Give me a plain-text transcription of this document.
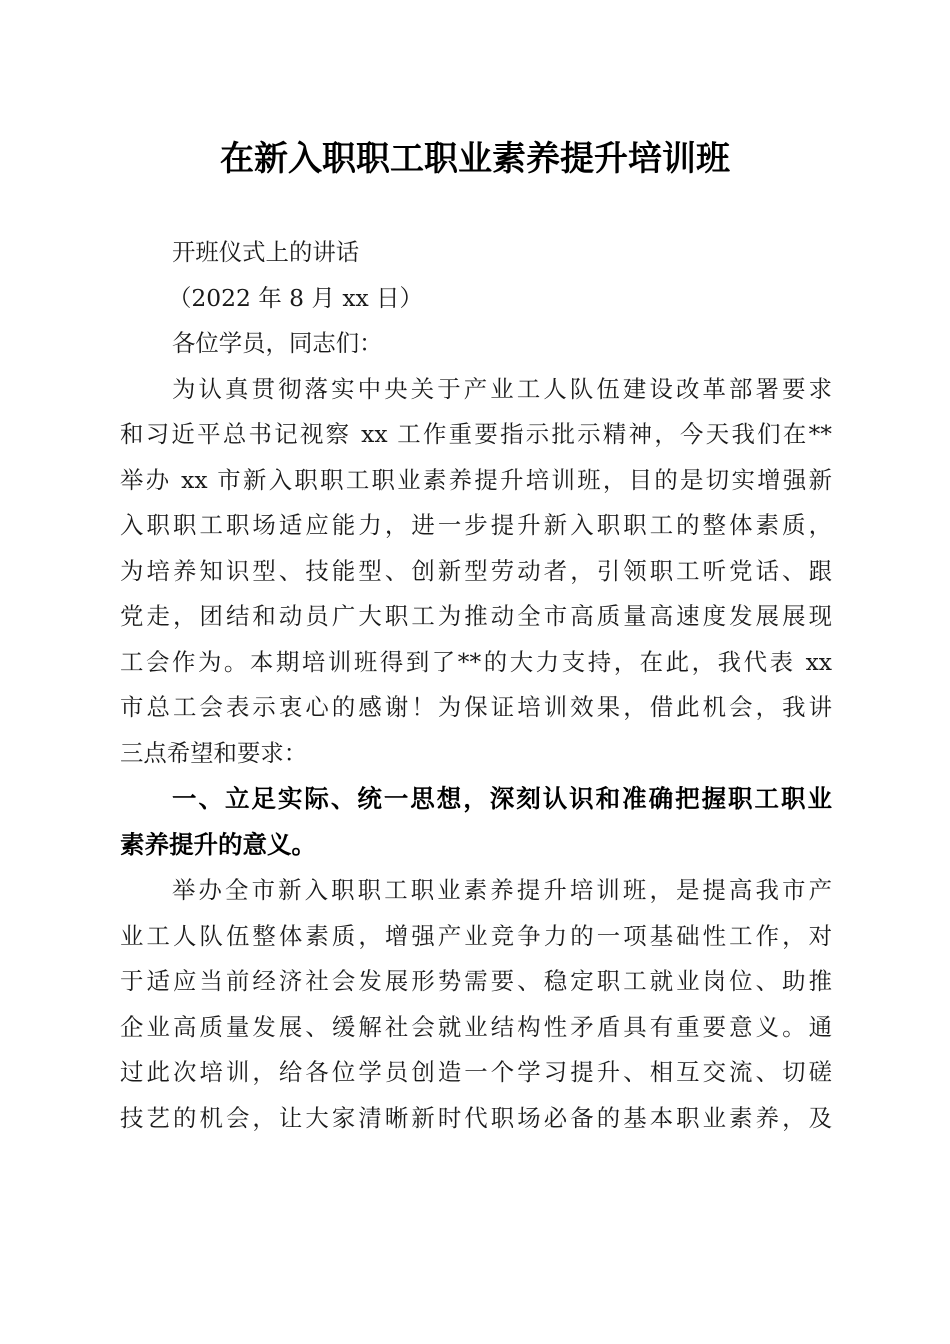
在新入职职工职业素养提升培训班
开班仪式上的讲话
（2022 年 8 月 xx 日）
各位学员，同志们：
为认真贯彻落实中央关于产业工人队伍建设改革部署要求
和习近平总书记视察 xx 工作重要指示批示精神，今天我们在**
举办 xx 市新入职职工职业素养提升培训班，目的是切实增强新
入职职工职场适应能力，进一步提升新入职职工的整体素质，
为培养知识型、技能型、创新型劳动者，引领职工听党话、跟
党走，团结和动员广大职工为推动全市高质量高速度发展展现
工会作为。本期培训班得到了**的大力支持，在此，我代表 xx
市总工会表示衷心的感谢！为保证培训效果，借此机会，我讲
三点希望和要求：
一、立足实际、统一思想，深刻认识和准确把握职工职业
素养提升的意义。
举办全市新入职职工职业素养提升培训班，是提高我市产
业工人队伍整体素质，增强产业竞争力的一项基础性工作，对
于适应当前经济社会发展形势需要、稳定职工就业岗位、助推
企业高质量发展、缓解社会就业结构性矛盾具有重要意义。通
过此次培训，给各位学员创造一个学习提升、相互交流、切磋
技艺的机会，让大家清晰新时代职场必备的基本职业素养，及
